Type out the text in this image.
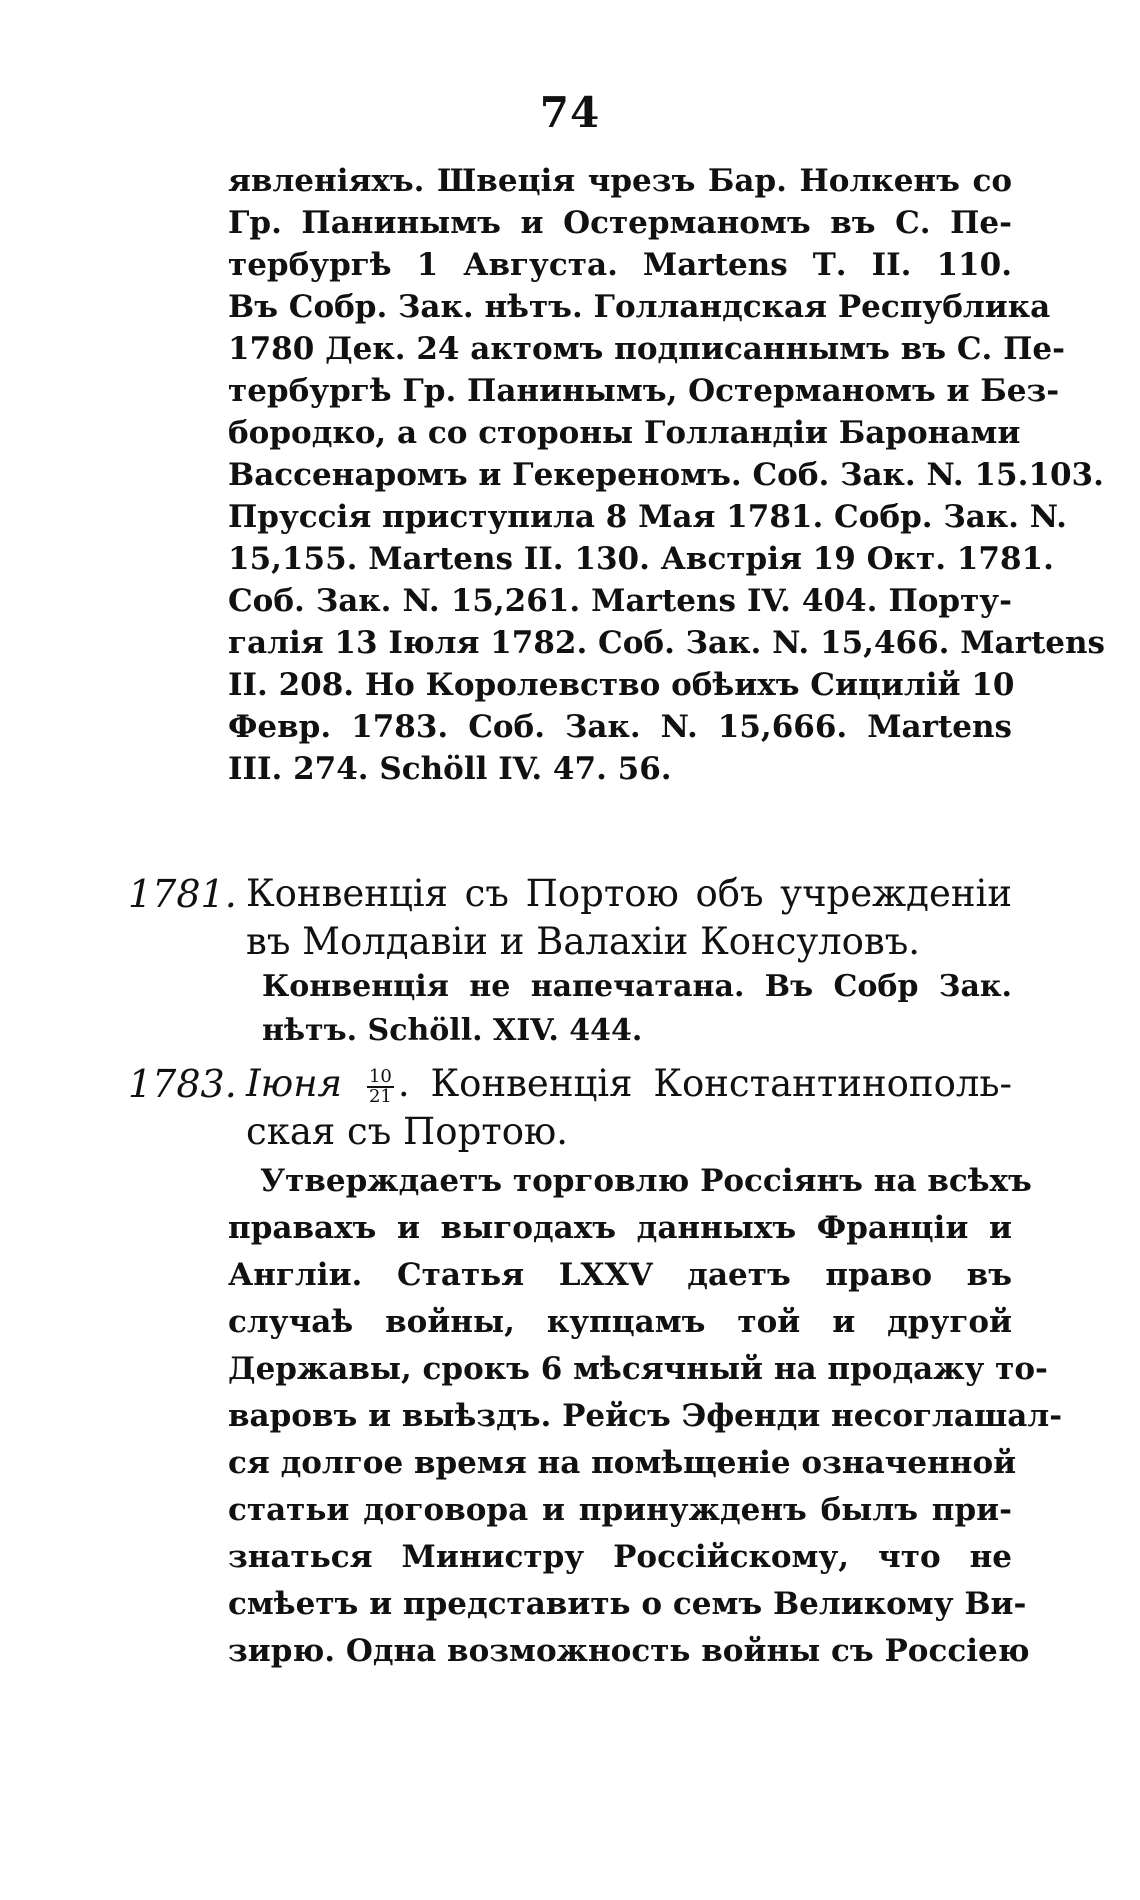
74
явленіяхъ. Швеція чрезъ Бар. Нолкенъ со
Гр. Панинымъ и Остерманомъ въ С. Пе-
тербургѣ 1 Августа. Martens Т. II. 110.
Въ Собр. Зак. нѣтъ. Голландская Республика
1780 Дек. 24 актомъ подписаннымъ въ С. Пе-
тербургѣ Гр. Панинымъ, Остерманомъ и Без-
бородко, а со стороны Голландіи Баронами
Вассенаромъ и Гекереномъ. Соб. Зак. N. 15.103.
Пруссія приступила 8 Мая 1781. Собр. Зак. N.
15,155. Martens II. 130. Австрія 19 Окт. 1781.
Соб. Зак. N. 15,261. Martens IV. 404. Порту-
галія 13 Іюля 1782. Соб. Зак. N. 15,466. Martens
II. 208. Но Королевство обѣихъ Сицилій 10
Февр. 1783. Соб. Зак. N. 15,666. Martens
III. 274. Schöll IV. 47. 56.
1781. Конвенція съ Портою объ учрежденіи
въ Молдавіи и Валахіи Консуловъ.
Конвенція не напечатана. Въ Собр Зак.
нѣтъ. Schöll. XIV. 444.
1783. Іюня $\frac{10}{21}$ . Конвенція Константинополь-
ская съ Портою.
Утверждаетъ торговлю Россіянъ на всѣхъ
правахъ и выгодахъ данныхъ Франціи и
Англіи. Статья LXXV даетъ право въ
случаѣ войны, купцамъ той и другой
Державы, срокъ 6 мѣсячный на продажу то-
варовъ и выѣздъ. Рейсъ Эфенди несоглашал-
ся долгое время на помѣщеніе означенной
статьи договора и принужденъ былъ при-
знаться Министру Россійскому, что не
смѣетъ и представить о семъ Великому Ви-
зирю. Одна возможность войны съ Россіею
